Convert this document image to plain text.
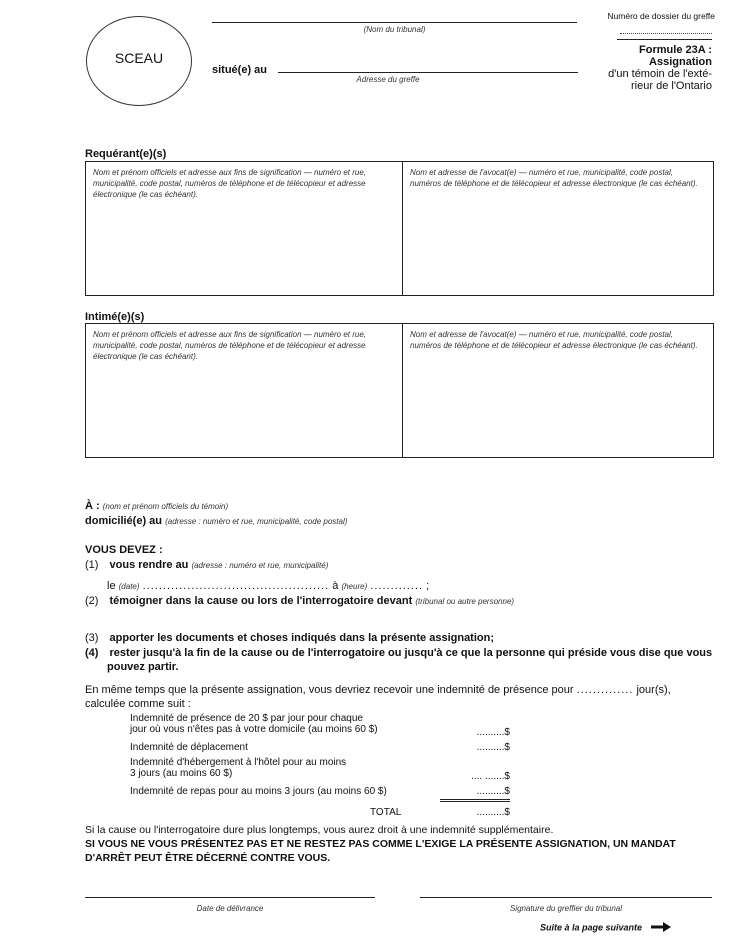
SCEAU
(Nom du tribunal)
Numéro de dossier du greffe
situé(e) au
Adresse du greffe
Formule 23A :
Assignation
d'un témoin de l'exté-
rieur de l'Ontario
Requérant(e)(s)
Nom et prénom officiels et adresse aux fins de signification — numéro et rue, municipalité, code postal, numéros de téléphone et de télécopieur et adresse électronique (le cas échéant).
Nom et adresse de l'avocat(e) — numéro et rue, municipalité, code postal, numéros de téléphone et de télécopieur et adresse électronique (le cas échéant).
Intimé(e)(s)
Nom et prénom officiels et adresse aux fins de signification — numéro et rue, municipalité, code postal, numéros de téléphone et de télécopieur et adresse électronique (le cas échéant).
Nom et adresse de l'avocat(e) — numéro et rue, municipalité, code postal, numéros de téléphone et de télécopieur et adresse électronique (le cas échéant).
À : (nom et prénom officiels du témoin)
domicilié(e) au (adresse : numéro et rue, municipalité, code postal)
VOUS DEVEZ :
(1) vous rendre au (adresse : numéro et rue, municipalité)
le (date) .............................................. à (heure) ............. ;
(2) témoigner dans la cause ou lors de l'interrogatoire devant (tribunal ou autre personne)
(3) apporter les documents et choses indiqués dans la présente assignation;
(4) rester jusqu'à la fin de la cause ou de l'interrogatoire ou jusqu'à ce que la personne qui préside vous dise que vous
pouvez partir.
En même temps que la présente assignation, vous devriez recevoir une indemnité de présence pour .............. jour(s),
calculée comme suit :
Indemnité de présence de 20 $ par jour pour chaque
jour où vous n'êtes pas à votre domicile (au moins 60 $)	..........$
Indemnité de déplacement	..........$
Indemnité d'hébergement à l'hôtel pour au moins
3 jours (au moins 60 $)	.... .......$
Indemnité de repas pour au moins 3 jours (au moins 60 $)	..........$
TOTAL	..........$
Si la cause ou l'interrogatoire dure plus longtemps, vous aurez droit à une indemnité supplémentaire.
SI VOUS NE VOUS PRÉSENTEZ PAS ET NE RESTEZ PAS COMME L'EXIGE LA PRÉSENTE ASSIGNATION, UN MANDAT
D'ARRÊT PEUT ÊTRE DÉCERNÉ CONTRE VOUS.
Date de délivrance	Signature du greffier du tribunal
Suite à la page suivante
